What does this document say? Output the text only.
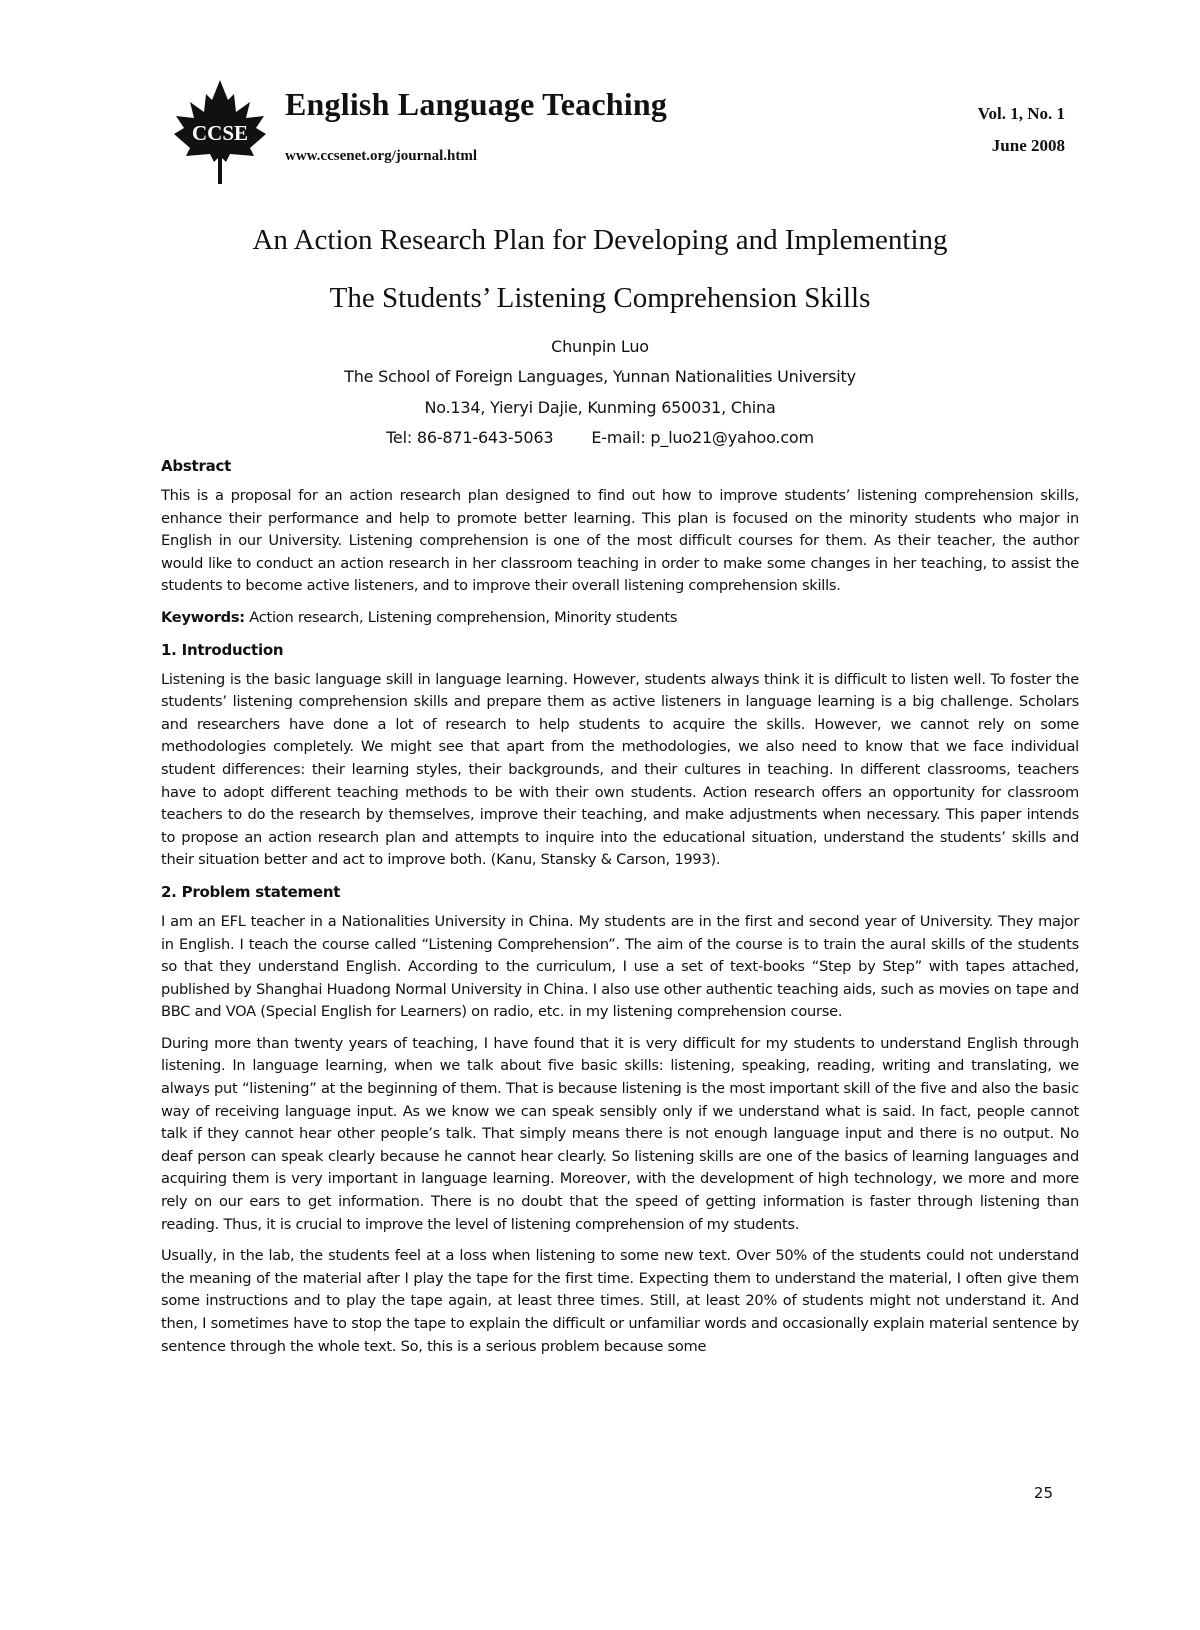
CCSE
English Language Teaching
www.ccsenet.org/journal.html
Vol. 1, No. 1
June 2008
An Action Research Plan for Developing and Implementing
The Students’ Listening Comprehension Skills
Chunpin Luo
The School of Foreign Languages, Yunnan Nationalities University
No.134, Yieryi Dajie, Kunming 650031, China
Tel: 86-871-643-5063 E-mail: p_luo21@yahoo.com
Abstract

This is a proposal for an action research plan designed to find out how to improve students’ listening comprehension skills, enhance their performance and help to promote better learning. This plan is focused on the minority students who major in English in our University. Listening comprehension is one of the most difficult courses for them. As their teacher, the author would like to conduct an action research in her classroom teaching in order to make some changes in her teaching, to assist the students to become active listeners, and to improve their overall listening comprehension skills.

Keywords: Action research, Listening comprehension, Minority students

1. Introduction

Listening is the basic language skill in language learning. However, students always think it is difficult to listen well. To foster the students’ listening comprehension skills and prepare them as active listeners in language learning is a big challenge. Scholars and researchers have done a lot of research to help students to acquire the skills. However, we cannot rely on some methodologies completely. We might see that apart from the methodologies, we also need to know that we face individual student differences: their learning styles, their backgrounds, and their cultures in teaching. In different classrooms, teachers have to adopt different teaching methods to be with their own students. Action research offers an opportunity for classroom teachers to do the research by themselves, improve their teaching, and make adjustments when necessary. This paper intends to propose an action research plan and attempts to inquire into the educational situation, understand the students’ skills and their situation better and act to improve both. (Kanu, Stansky & Carson, 1993).

2. Problem statement

I am an EFL teacher in a Nationalities University in China. My students are in the first and second year of University. They major in English. I teach the course called “Listening Comprehension”. The aim of the course is to train the aural skills of the students so that they understand English. According to the curriculum, I use a set of text-books “Step by Step” with tapes attached, published by Shanghai Huadong Normal University in China. I also use other authentic teaching aids, such as movies on tape and BBC and VOA (Special English for Learners) on radio, etc. in my listening comprehension course.

During more than twenty years of teaching, I have found that it is very difficult for my students to understand English through listening. In language learning, when we talk about five basic skills: listening, speaking, reading, writing and translating, we always put “listening” at the beginning of them. That is because listening is the most important skill of the five and also the basic way of receiving language input. As we know we can speak sensibly only if we understand what is said. In fact, people cannot talk if they cannot hear other people’s talk. That simply means there is not enough language input and there is no output. No deaf person can speak clearly because he cannot hear clearly. So listening skills are one of the basics of learning languages and acquiring them is very important in language learning. Moreover, with the development of high technology, we more and more rely on our ears to get information. There is no doubt that the speed of getting information is faster through listening than reading. Thus, it is crucial to improve the level of listening comprehension of my students.

Usually, in the lab, the students feel at a loss when listening to some new text. Over 50% of the students could not understand the meaning of the material after I play the tape for the first time. Expecting them to understand the material, I often give them some instructions and to play the tape again, at least three times. Still, at least 20% of students might not understand it. And then, I sometimes have to stop the tape to explain the difficult or unfamiliar words and occasionally explain material sentence by sentence through the whole text. So, this is a serious problem because some

25
